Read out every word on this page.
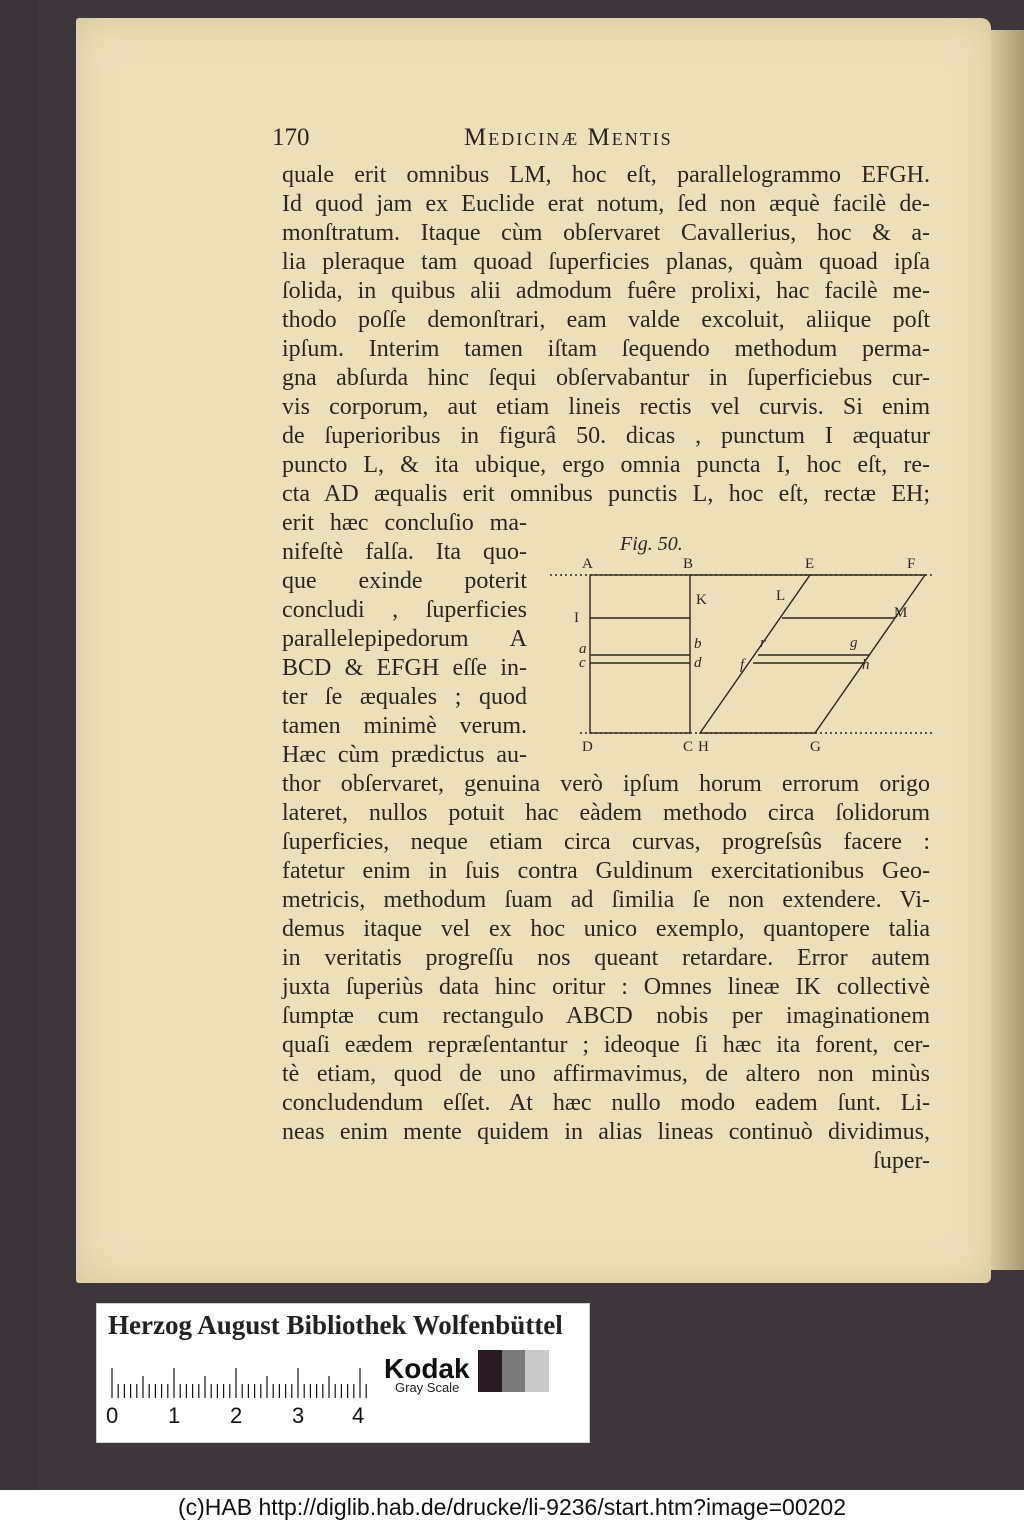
170	Medicinæ Mentis
quale erit omnibus LM, hoc eſt, parallelogrammo EFGH.
Id quod jam ex Euclide erat notum, ſed non æquè facilè de-
monſtratum. Itaque cùm obſervaret Cavallerius, hoc & a-
lia pleraque tam quoad ſuperficies planas, quàm quoad ipſa
ſolida, in quibus alii admodum fuêre prolixi, hac facilè me-
thodo poſſe demonſtrari, eam valde excoluit, aliique poſt
ipſum. Interim tamen iſtam ſequendo methodum perma-
gna abſurda hinc ſequi obſervabantur in ſuperficiebus cur-
vis corporum, aut etiam lineis rectis vel curvis. Si enim
de ſuperioribus in figurâ 50. dicas , punctum I æquatur
puncto L, & ita ubique, ergo omnia puncta I, hoc eſt, re-
cta AD æqualis erit omnibus punctis L, hoc eſt, rectæ EH;
erit hæc concluſio ma-
nifeſtè falſa. Ita quo-
que exinde poterit
concludi , ſuperficies
parallelepipedorum A
BCD & EFGH eſſe in-
ter ſe æquales ; quod
tamen minimè verum.
Hæc cùm prædictus au-
thor obſervaret, genuina verò ipſum horum errorum origo
lateret, nullos potuit hac eàdem methodo circa ſolidorum
ſuperficies, neque etiam circa curvas, progreſsûs facere :
fatetur enim in ſuis contra Guldinum exercitationibus Geo-
metricis, methodum ſuam ad ſimilia ſe non extendere. Vi-
demus itaque vel ex hoc unico exemplo, quantopere talia
in veritatis progreſſu nos queant retardare. Error autem
juxta ſuperiùs data hinc oritur : Omnes lineæ IK collectivè
ſumptæ cum rectangulo ABCD nobis per imaginationem
quaſi eædem repræſentantur ; ideoque ſi hæc ita forent, cer-
tè etiam, quod de uno affirmavimus, de altero non minùs
concludendum eſſet. At hæc nullo modo eadem ſunt. Li-
neas enim mente quidem in alias lineas continuò dividimus,
ſuper-
Fig. 50.
A	B	E	F
I
K	L
M
a	b
c	d
r	g
f	h
D	C H	G
Herzog August Bibliothek Wolfenbüttel
0 1 2 3 4
Kodak
Gray Scale
(c)HAB http://diglib.hab.de/drucke/li-9236/start.htm?image=00202
